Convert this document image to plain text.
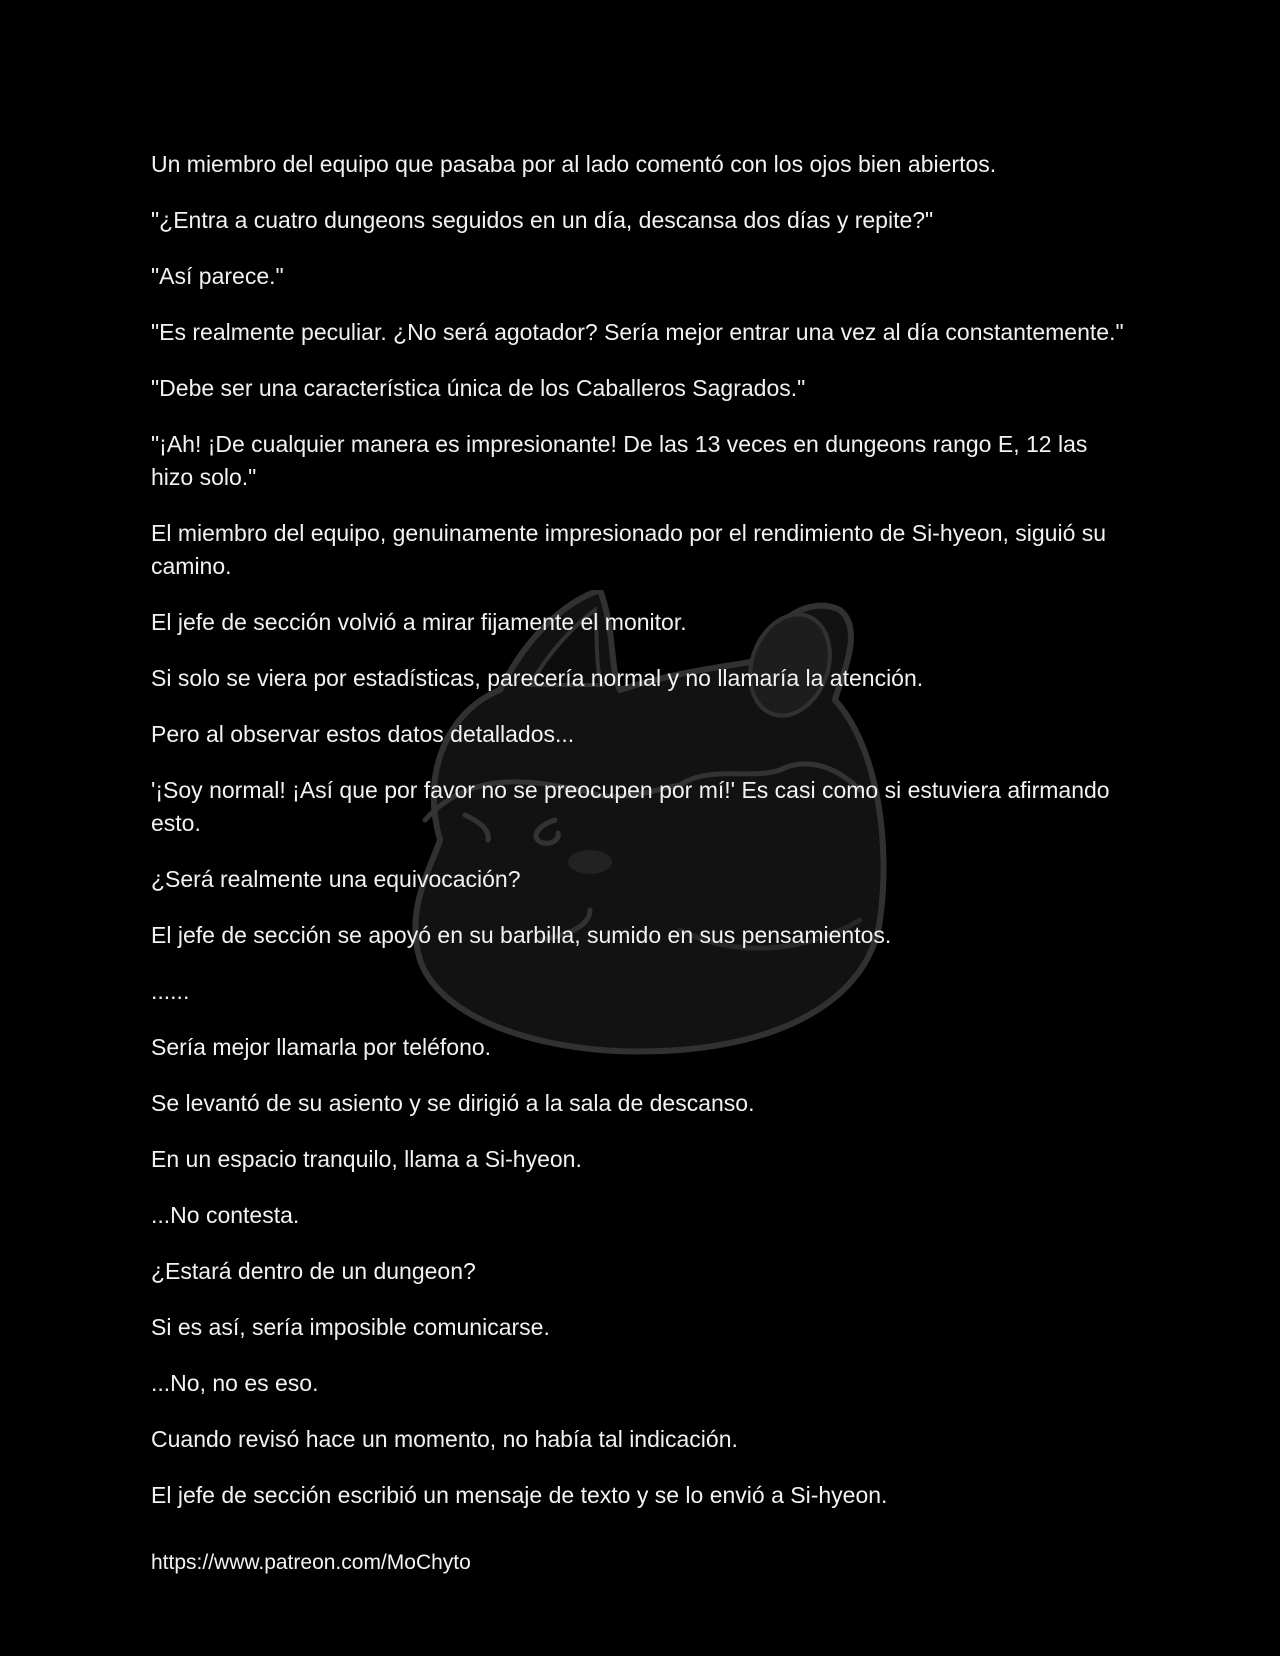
Un miembro del equipo que pasaba por al lado comentó con los ojos bien abiertos.

"¿Entra a cuatro dungeons seguidos en un día, descansa dos días y repite?"

"Así parece."

"Es realmente peculiar. ¿No será agotador? Sería mejor entrar una vez al día constantemente."

"Debe ser una característica única de los Caballeros Sagrados."

"¡Ah! ¡De cualquier manera es impresionante! De las 13 veces en dungeons rango E, 12 las hizo solo."

El miembro del equipo, genuinamente impresionado por el rendimiento de Si-hyeon, siguió su camino.

El jefe de sección volvió a mirar fijamente el monitor.

Si solo se viera por estadísticas, parecería normal y no llamaría la atención.

Pero al observar estos datos detallados...

'¡Soy normal! ¡Así que por favor no se preocupen por mí!' Es casi como si estuviera afirmando esto.

¿Será realmente una equivocación?

El jefe de sección se apoyó en su barbilla, sumido en sus pensamientos.

......

Sería mejor llamarla por teléfono.

Se levantó de su asiento y se dirigió a la sala de descanso.

En un espacio tranquilo, llama a Si-hyeon.

...No contesta.

¿Estará dentro de un dungeon?

Si es así, sería imposible comunicarse.

...No, no es eso.

Cuando revisó hace un momento, no había tal indicación.

El jefe de sección escribió un mensaje de texto y se lo envió a Si-hyeon.

https://www.patreon.com/MoChyto
